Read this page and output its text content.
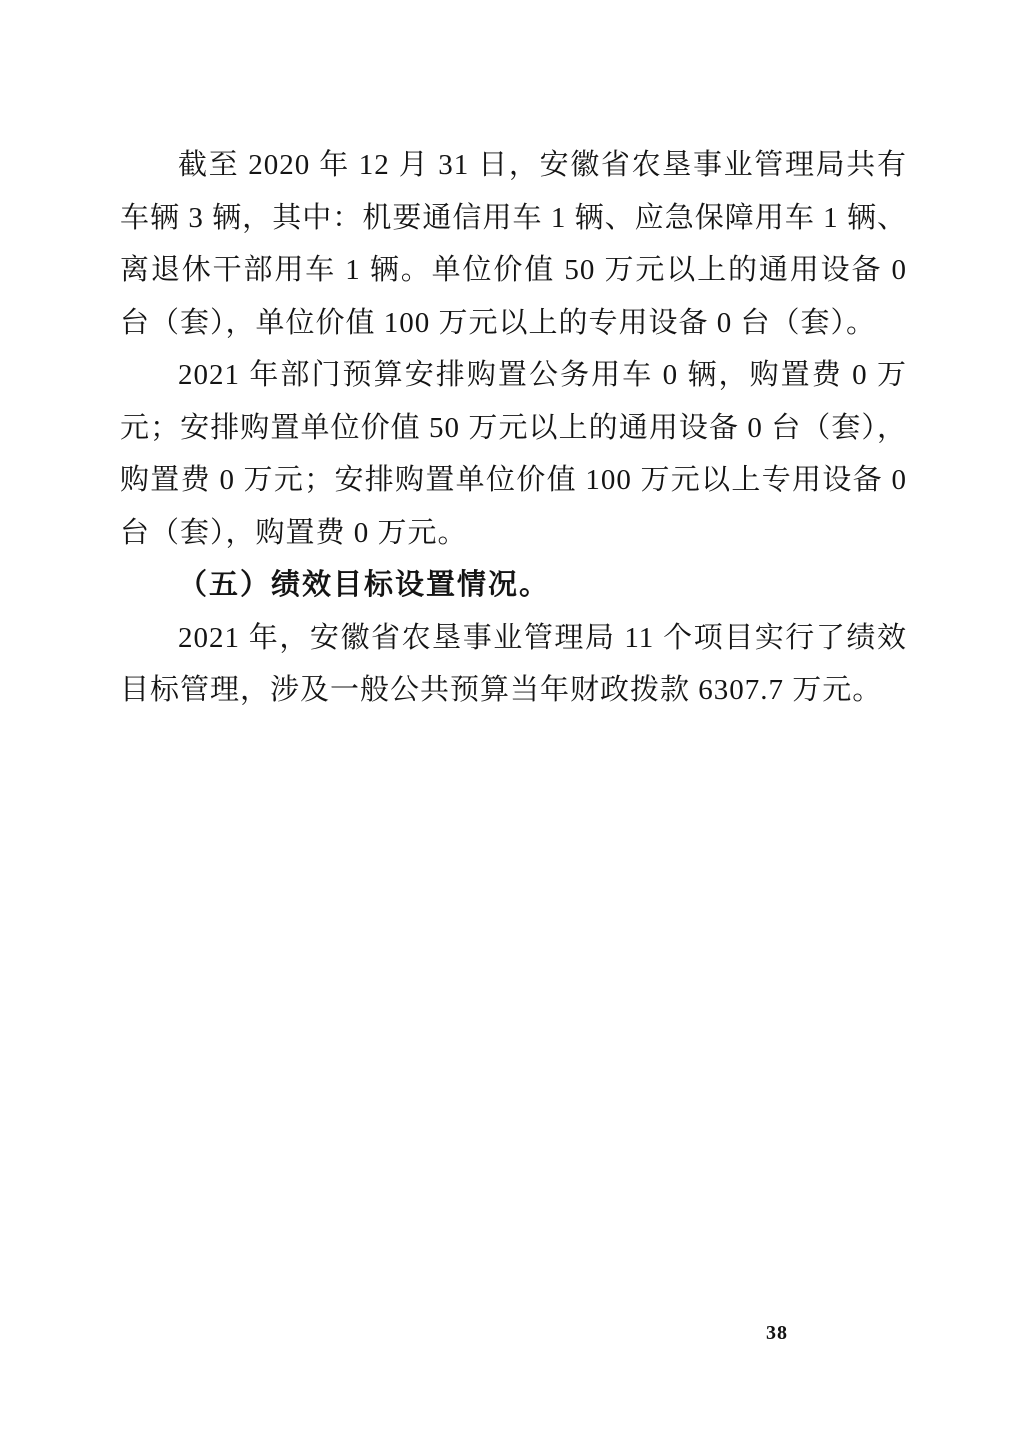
截至 2020 年 12 月 31 日，安徽省农垦事业管理局共有车辆 3 辆，其中：机要通信用车 1 辆、应急保障用车 1 辆、离退休干部用车 1 辆。单位价值 50 万元以上的通用设备 0 台（套），单位价值 100 万元以上的专用设备 0 台（套）。

2021 年部门预算安排购置公务用车 0 辆，购置费 0 万元；安排购置单位价值 50 万元以上的通用设备 0 台（套），购置费 0 万元；安排购置单位价值 100 万元以上专用设备 0 台（套），购置费 0 万元。

（五）绩效目标设置情况。

2021 年，安徽省农垦事业管理局 11 个项目实行了绩效目标管理，涉及一般公共预算当年财政拨款 6307.7 万元。

38
